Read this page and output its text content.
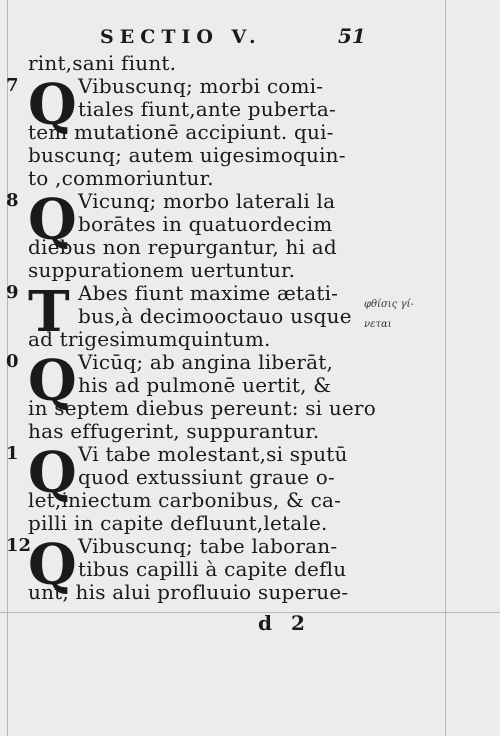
SECTIO V.	51
rint,sani fiunt.
7 Q Vibuscunq; morbi comi-
tiales fiunt,ante puberta-
tem mutationē accipiunt. qui-
buscunq; autem uigesimoquin-
to ,commoriuntur.
8 Q Vicunq; morbo laterali la
borātes in quatuordecim
diebus non repurgantur, hi ad
suppurationem uertuntur.
9 T Abes fiunt maxime ætati-
bus,à decimooctauo usque
ad trigesimumquintum.
0 Q Vicūq; ab angina liberāt,
his ad pulmonē uertit, &
in septem diebus pereunt: si uero
has effugerint, suppurantur.
1 Q Vi tabe molestant,si sputū
quod extussiunt graue o-
let,iniectum carbonibus, & ca-
pilli in capite defluunt,letale.
12
Q Vibuscunq; tabe laboran-
tibus capilli à capite deflu
unt, his alui profluuio superue-
φθίσις γί-
νεται
d 2
